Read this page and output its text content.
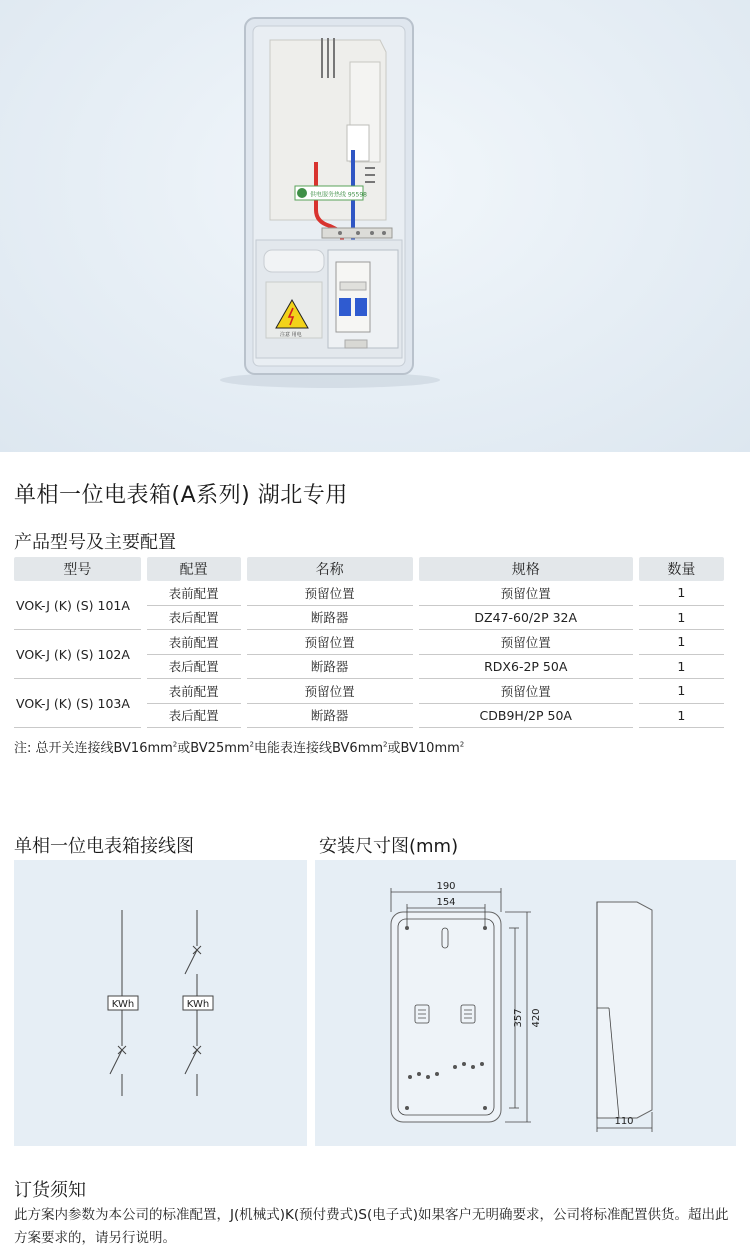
供电服务热线 95598
注意 用电
单相一位电表箱(A系列) 湖北专用
产品型号及主要配置
型号	配置	名称	规格	数量
VOK-J (K) (S) 101A	表前配置	预留位置	预留位置	1
	表后配置	断路器	DZ47-60/2P 32A	1
VOK-J (K) (S) 102A	表前配置	预留位置	预留位置	1
	表后配置	断路器	RDX6-2P 50A	1
VOK-J (K) (S) 103A	表前配置	预留位置	预留位置	1
	表后配置	断路器	CDB9H/2P 50A	1
注: 总开关连接线$BV16mm^2$或$BV25mm^2$电能表连接线$BV6mm^2$或$BV10mm^2$
单相一位电表箱接线图
KWh	KWh
安装尺寸图(mm)
190
154
357 420
110
订货须知
此方案内参数为本公司的标准配置，J(机械式)K(预付费式)S(电子式)如果客户无明确要求，公司将标准配置供货。超出此方案要求的，请另行说明。
